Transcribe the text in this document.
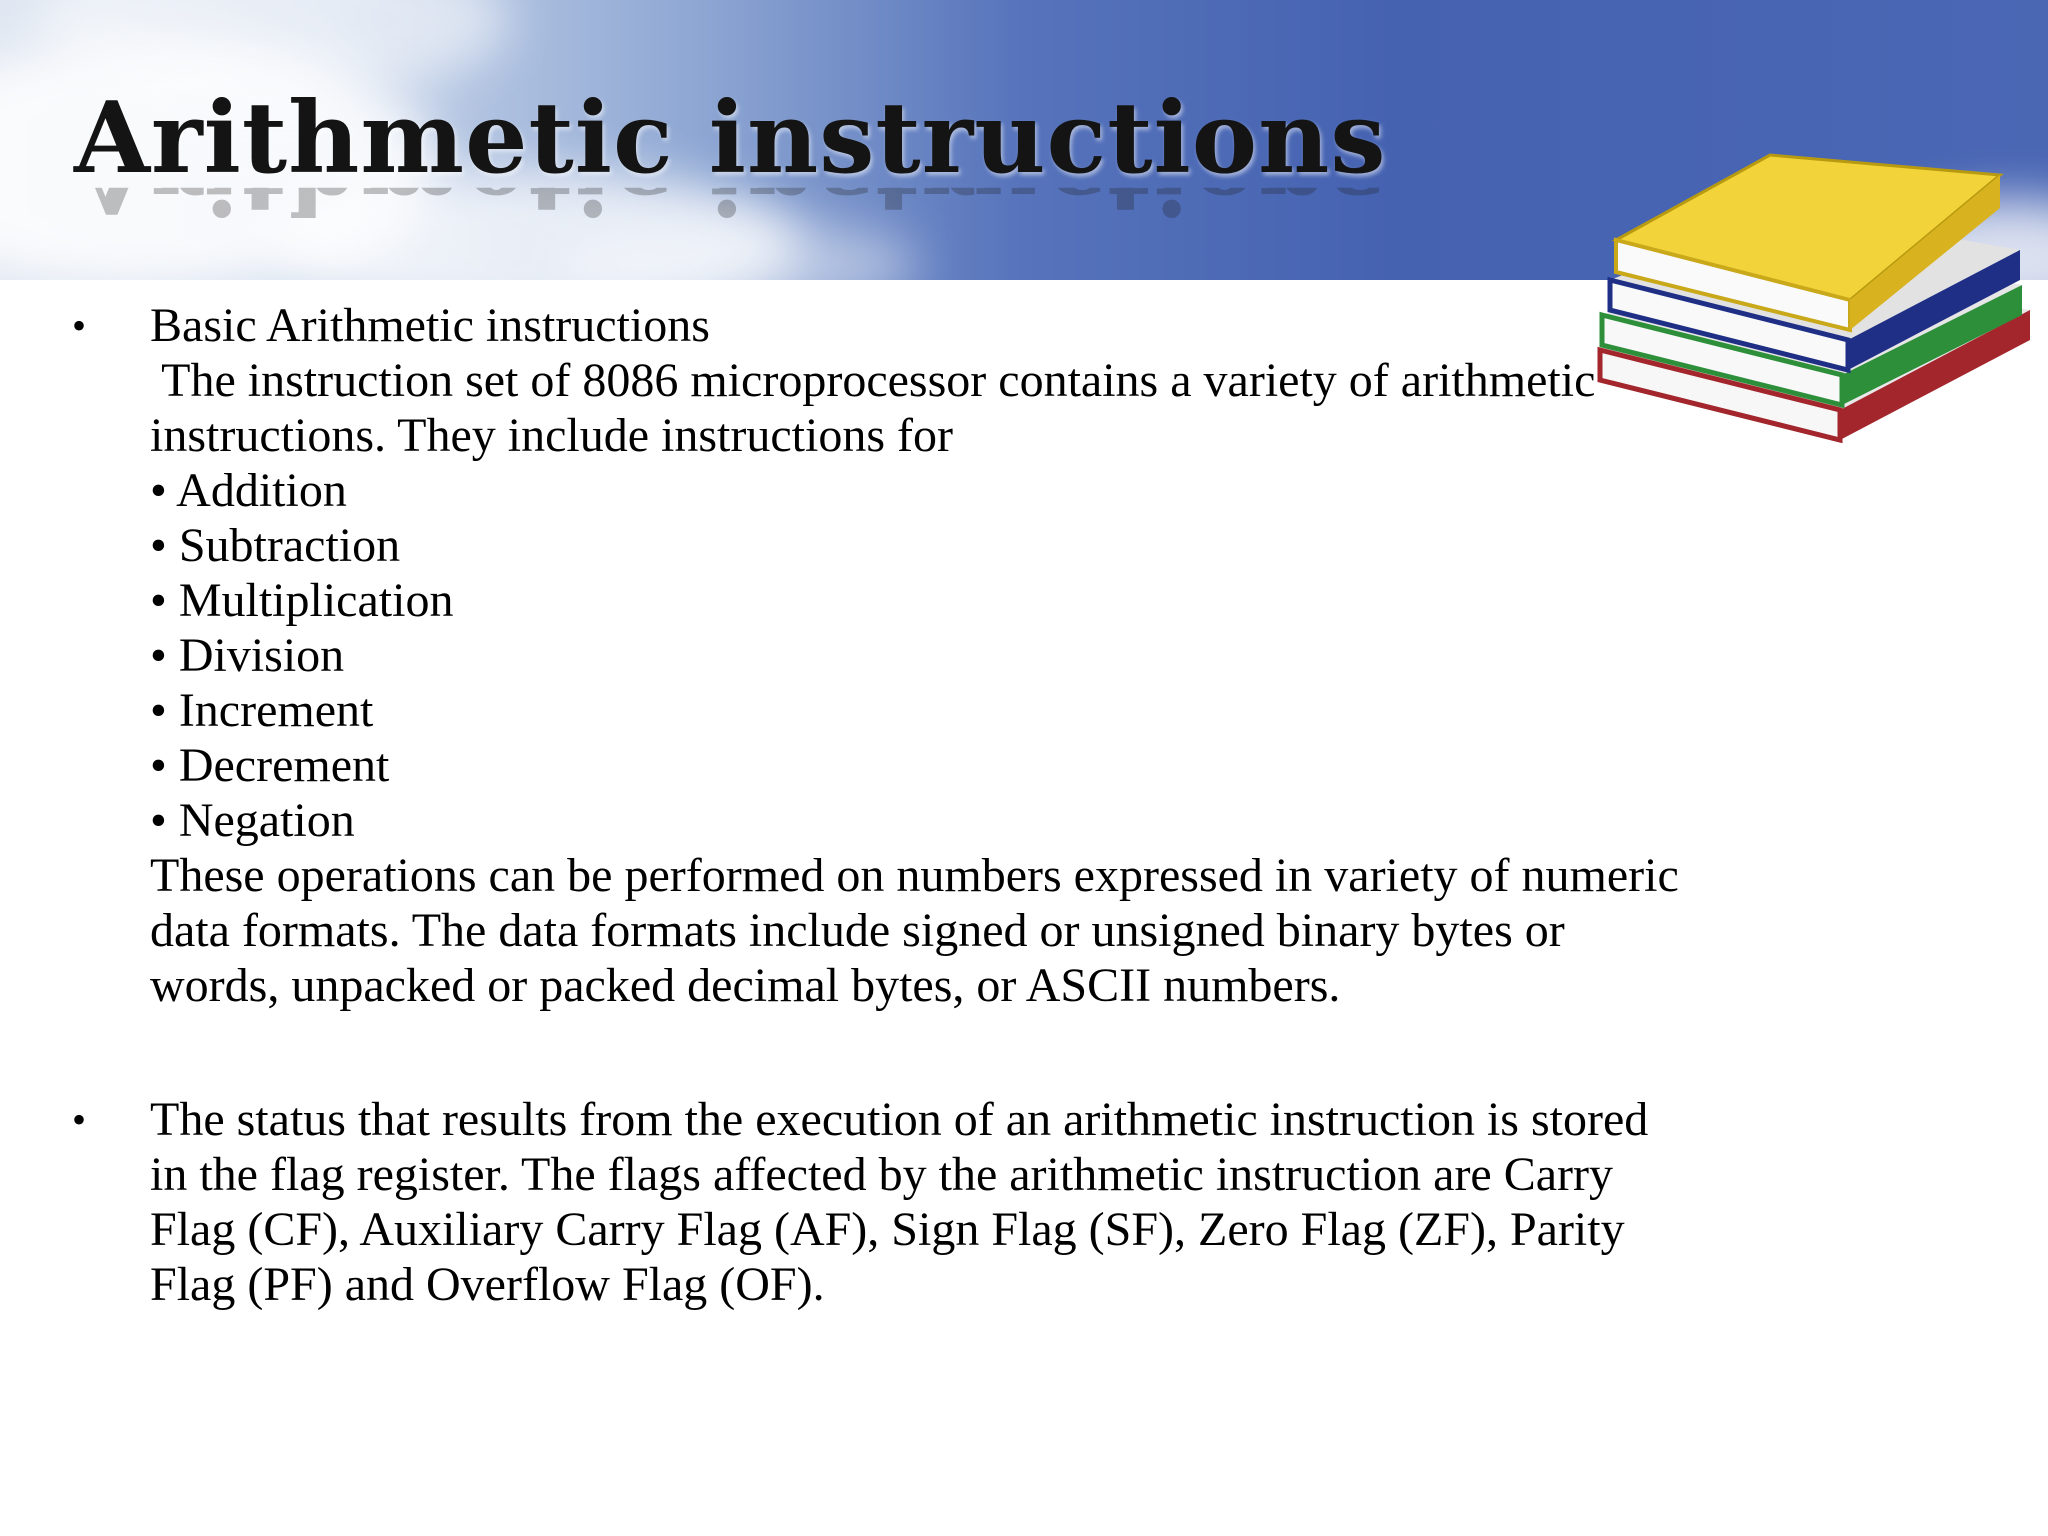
Arithmetic instructions
• Basic Arithmetic instructions
The instruction set of 8086 microprocessor contains a variety of arithmetic
instructions. They include instructions for
• Addition
• Subtraction
• Multiplication
• Division
• Increment
• Decrement
• Negation
These operations can be performed on numbers expressed in variety of numeric
data formats. The data formats include signed or unsigned binary bytes or
words, unpacked or packed decimal bytes, or ASCII numbers.
• The status that results from the execution of an arithmetic instruction is stored
in the flag register. The flags affected by the arithmetic instruction are Carry
Flag (CF), Auxiliary Carry Flag (AF), Sign Flag (SF), Zero Flag (ZF), Parity
Flag (PF) and Overflow Flag (OF).
